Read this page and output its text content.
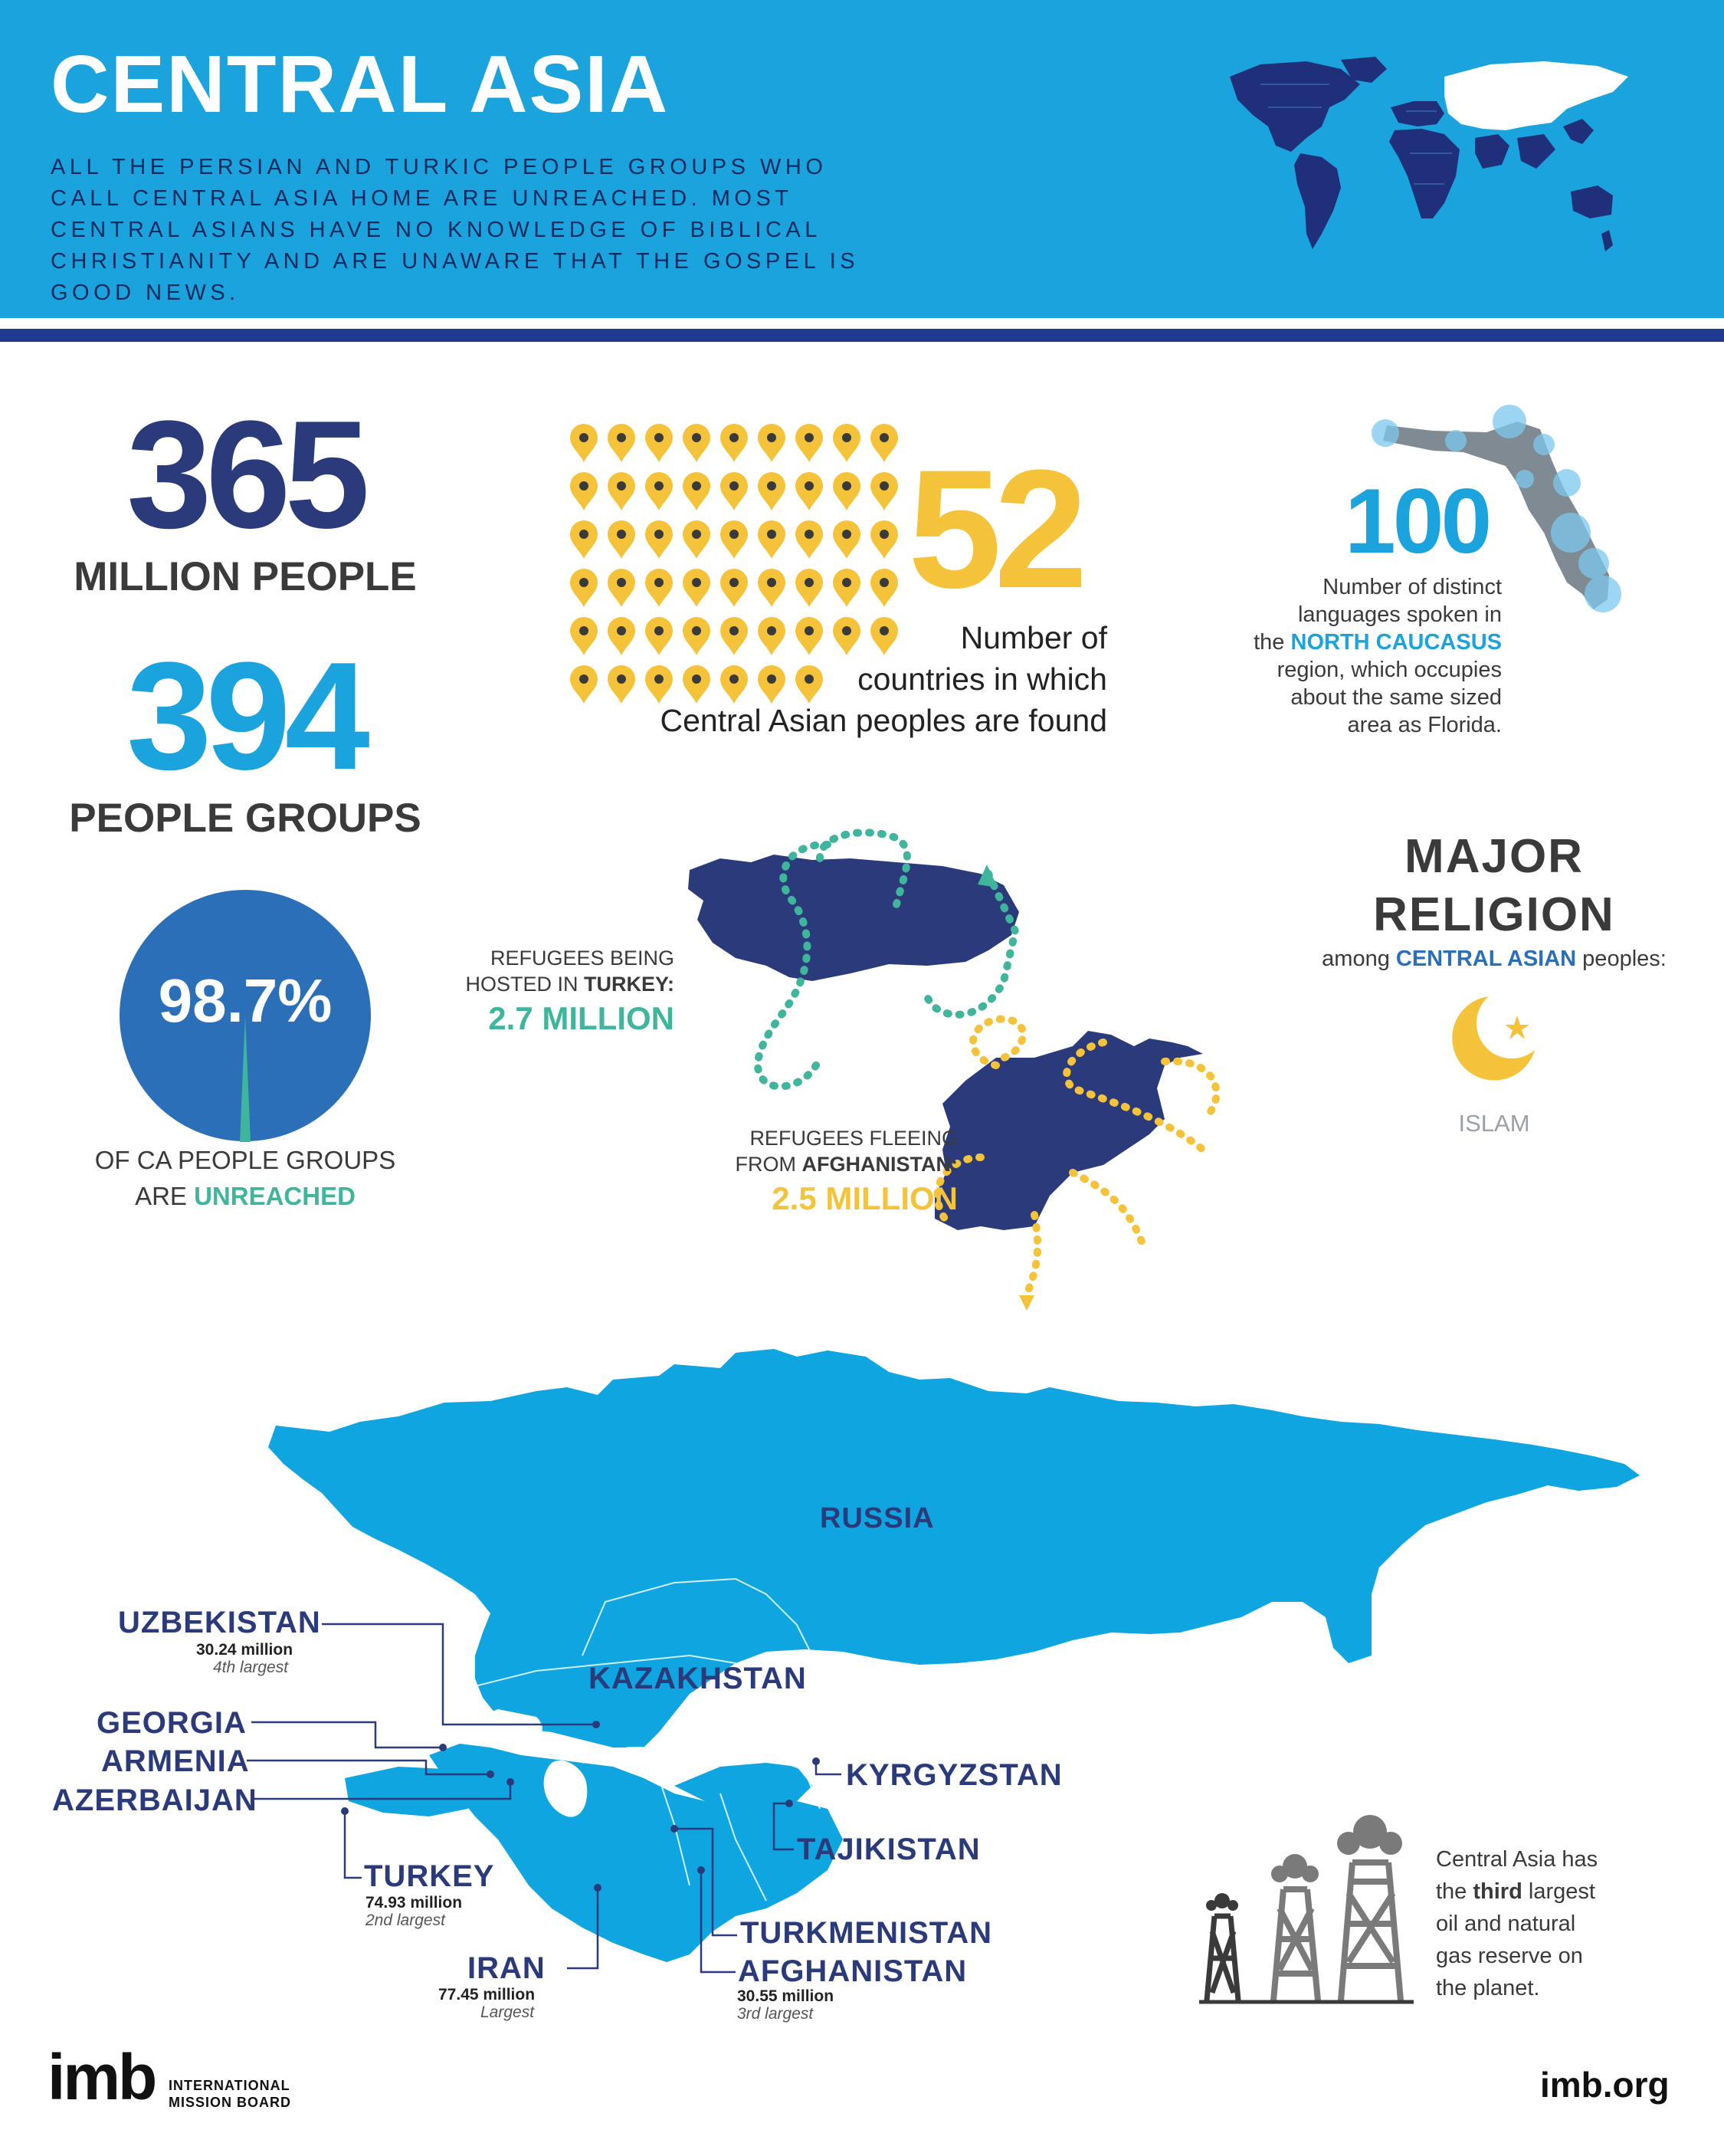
CENTRAL ASIA
ALL THE PERSIAN AND TURKIC PEOPLE GROUPS WHO CALL CENTRAL ASIA HOME ARE UNREACHED. MOST CENTRAL ASIANS HAVE NO KNOWLEDGE OF BIBLICAL CHRISTIANITY AND ARE UNAWARE THAT THE GOSPEL IS GOOD NEWS.
365
MILLION PEOPLE
394
PEOPLE GROUPS
98.7%
OF CA PEOPLE GROUPS
ARE UNREACHED
52
Number of
countries in which
Central Asian peoples are found
100
Number of distinct
languages spoken in
the NORTH CAUCASUS
region, which occupies
about the same sized
area as Florida.
REFUGEES BEING
HOSTED IN TURKEY:
2.7 MILLION
REFUGEES FLEEING
FROM AFGHANISTAN:
2.5 MILLION
MAJOR
RELIGION
among CENTRAL ASIAN peoples:
ISLAM
RUSSIA
KAZAKHSTAN
UZBEKISTAN
30.24 million
4th largest
GEORGIA
ARMENIA
AZERBAIJAN
TURKEY
74.93 million
2nd largest
IRAN
77.45 million
Largest
KYRGYZSTAN
TAJIKISTAN
TURKMENISTAN
AFGHANISTAN
30.55 million
3rd largest
Central Asia has
the third largest
oil and natural
gas reserve on
the planet.
imb INTERNATIONAL
MISSION BOARD	imb.org
